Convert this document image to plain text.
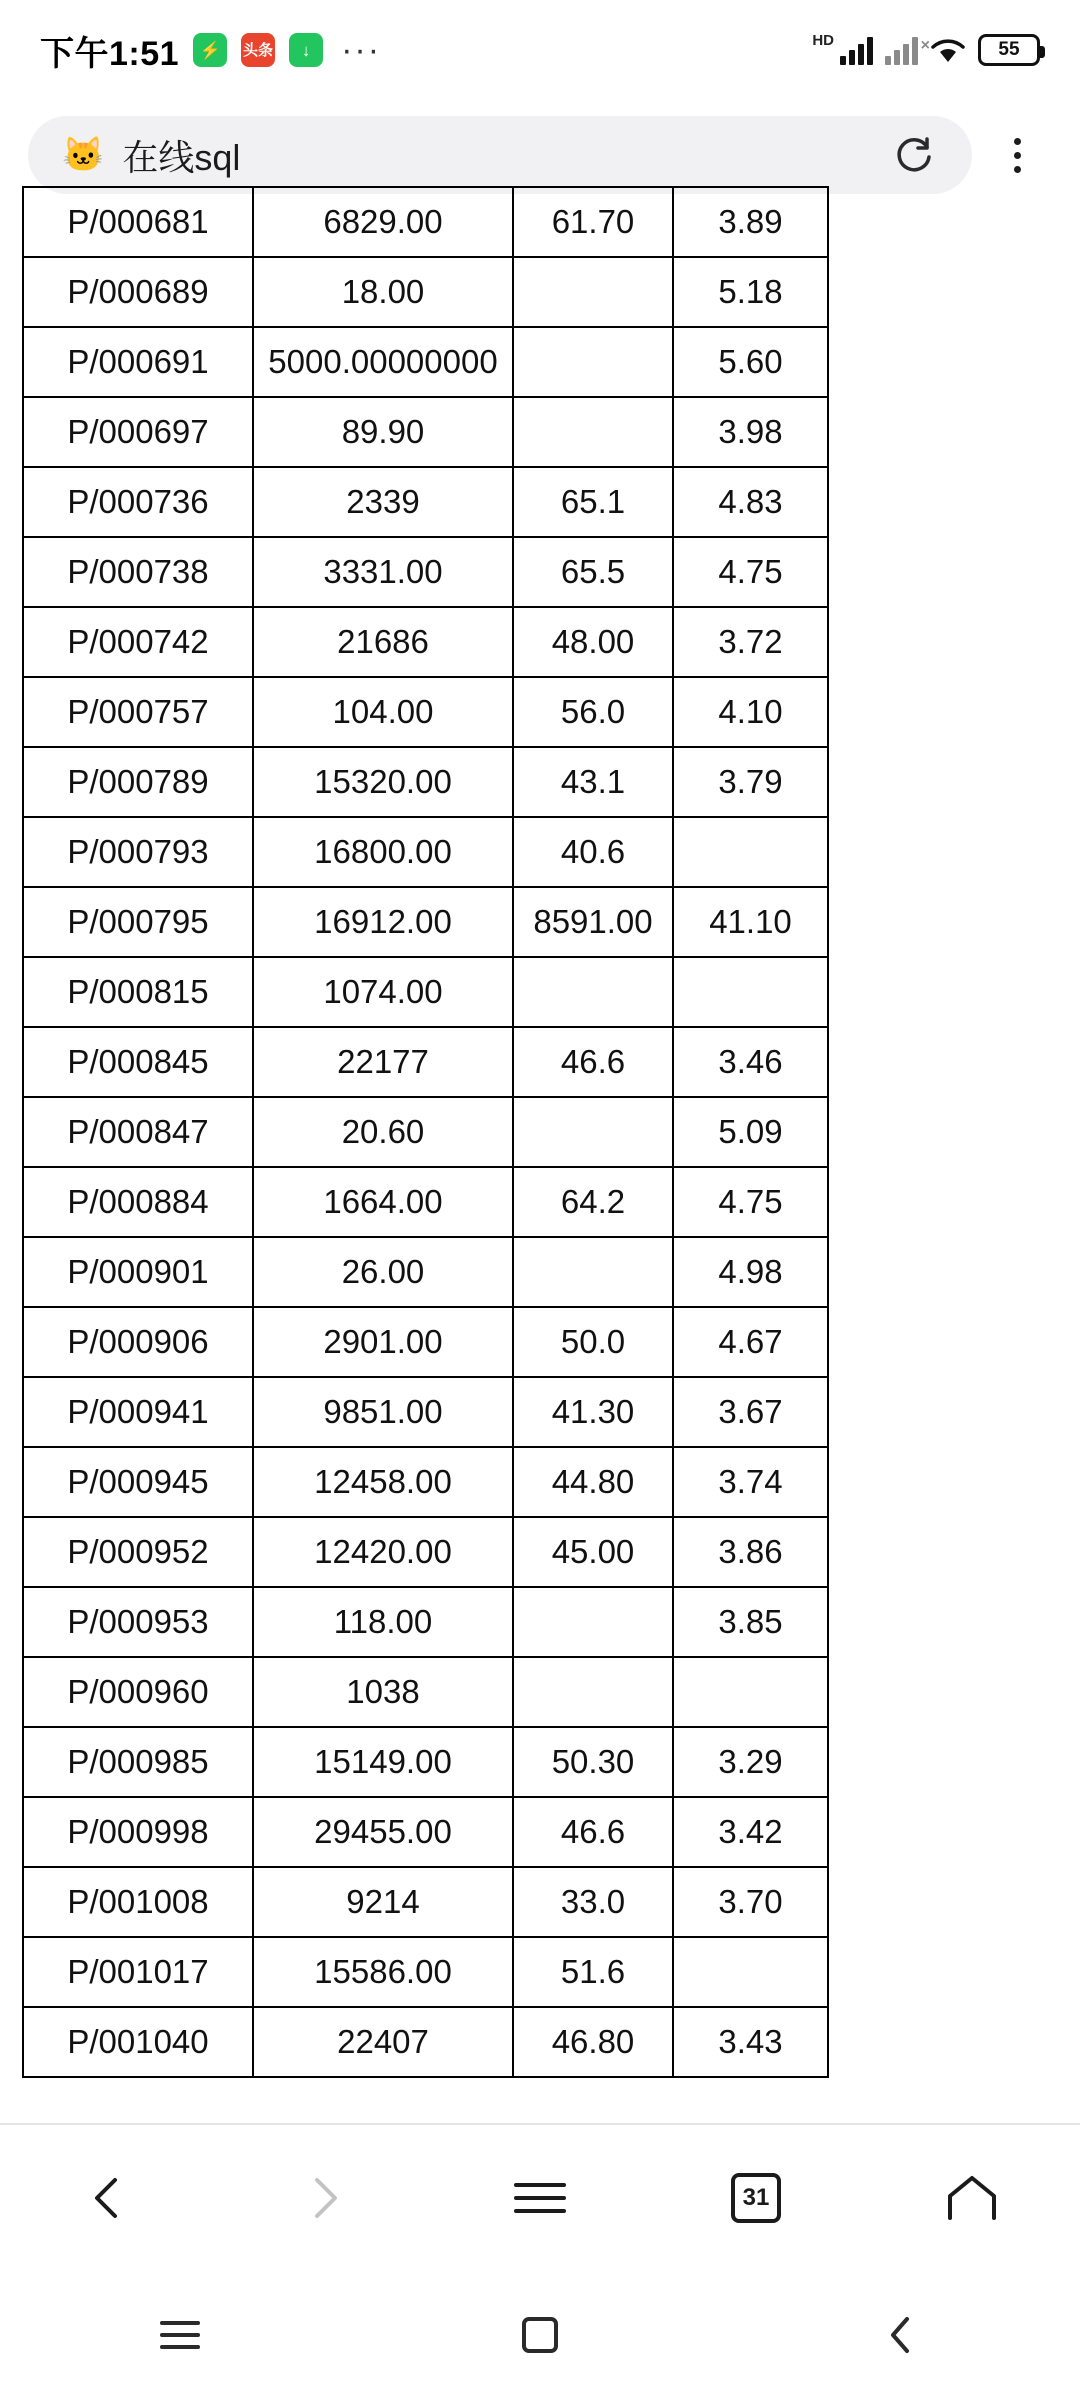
下午1:51	⚡	头条	↓ ···	HD	×	55
🐱 在线sql
P/000681	6829.00	61.70	3.89
P/000689	18.00		5.18
P/000691	5000.00000000		5.60
P/000697	89.90		3.98
P/000736	2339	65.1	4.83
P/000738	3331.00	65.5	4.75
P/000742	21686	48.00	3.72
P/000757	104.00	56.0	4.10
P/000789	15320.00	43.1	3.79
P/000793	16800.00	40.6	
P/000795	16912.00	8591.00	41.10
P/000815	1074.00		
P/000845	22177	46.6	3.46
P/000847	20.60		5.09
P/000884	1664.00	64.2	4.75
P/000901	26.00		4.98
P/000906	2901.00	50.0	4.67
P/000941	9851.00	41.30	3.67
P/000945	12458.00	44.80	3.74
P/000952	12420.00	45.00	3.86
P/000953	118.00		3.85
P/000960	1038		
P/000985	15149.00	50.30	3.29
P/000998	29455.00	46.6	3.42
P/001008	9214	33.0	3.70
P/001017	15586.00	51.6	
P/001040	22407	46.80	3.43
31
